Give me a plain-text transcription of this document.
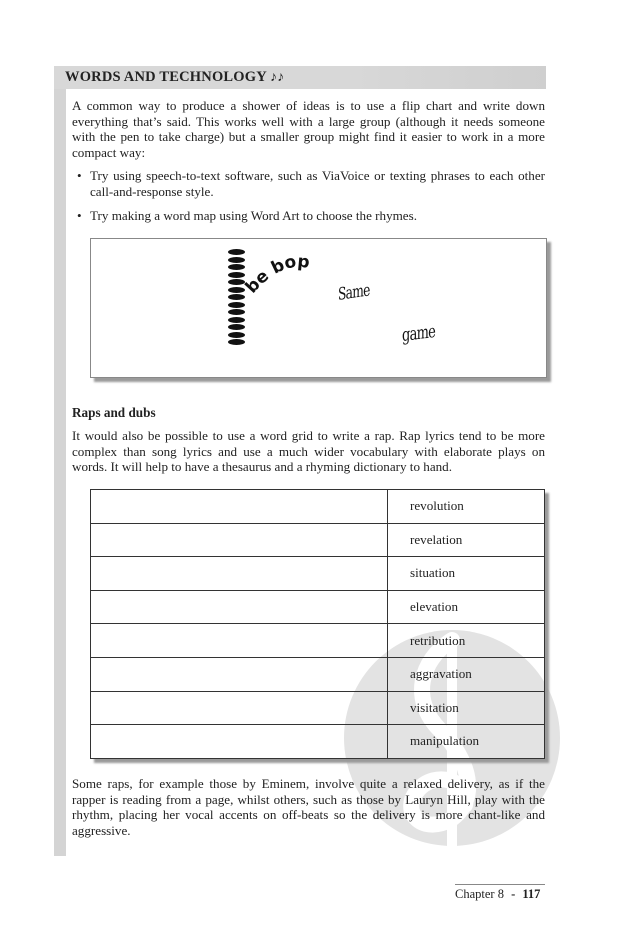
WORDS AND TECHNOLOGY ♪♪
A common way to produce a shower of ideas is to use a flip chart and write down everything that’s said. This works well with a large group (although it needs someone with the pen to take charge) but a smaller group might find it easier to work in a more compact way:
• Try using speech-to-text software, such as ViaVoice or texting phrases to each other call-and-response style.
• Try making a word map using Word Art to choose the rhymes.
be bop
Same
game
Raps and dubs
It would also be possible to use a word grid to write a rap. Rap lyrics tend to be more complex than song lyrics and use a much wider vocabulary with elaborate plays on words. It will help to have a thesaurus and a rhyming dictionary to hand.
	revolution
	revelation
	situation
	elevation
	retribution
	aggravation
	visitation
	manipulation
Some raps, for example those by Eminem, involve quite a relaxed delivery, as if the rapper is reading from a page, whilst others, such as those by Lauryn Hill, play with the rhythm, placing her vocal accents on off-beats so the delivery is more chant-like and aggressive.
Chapter 8 - 117
